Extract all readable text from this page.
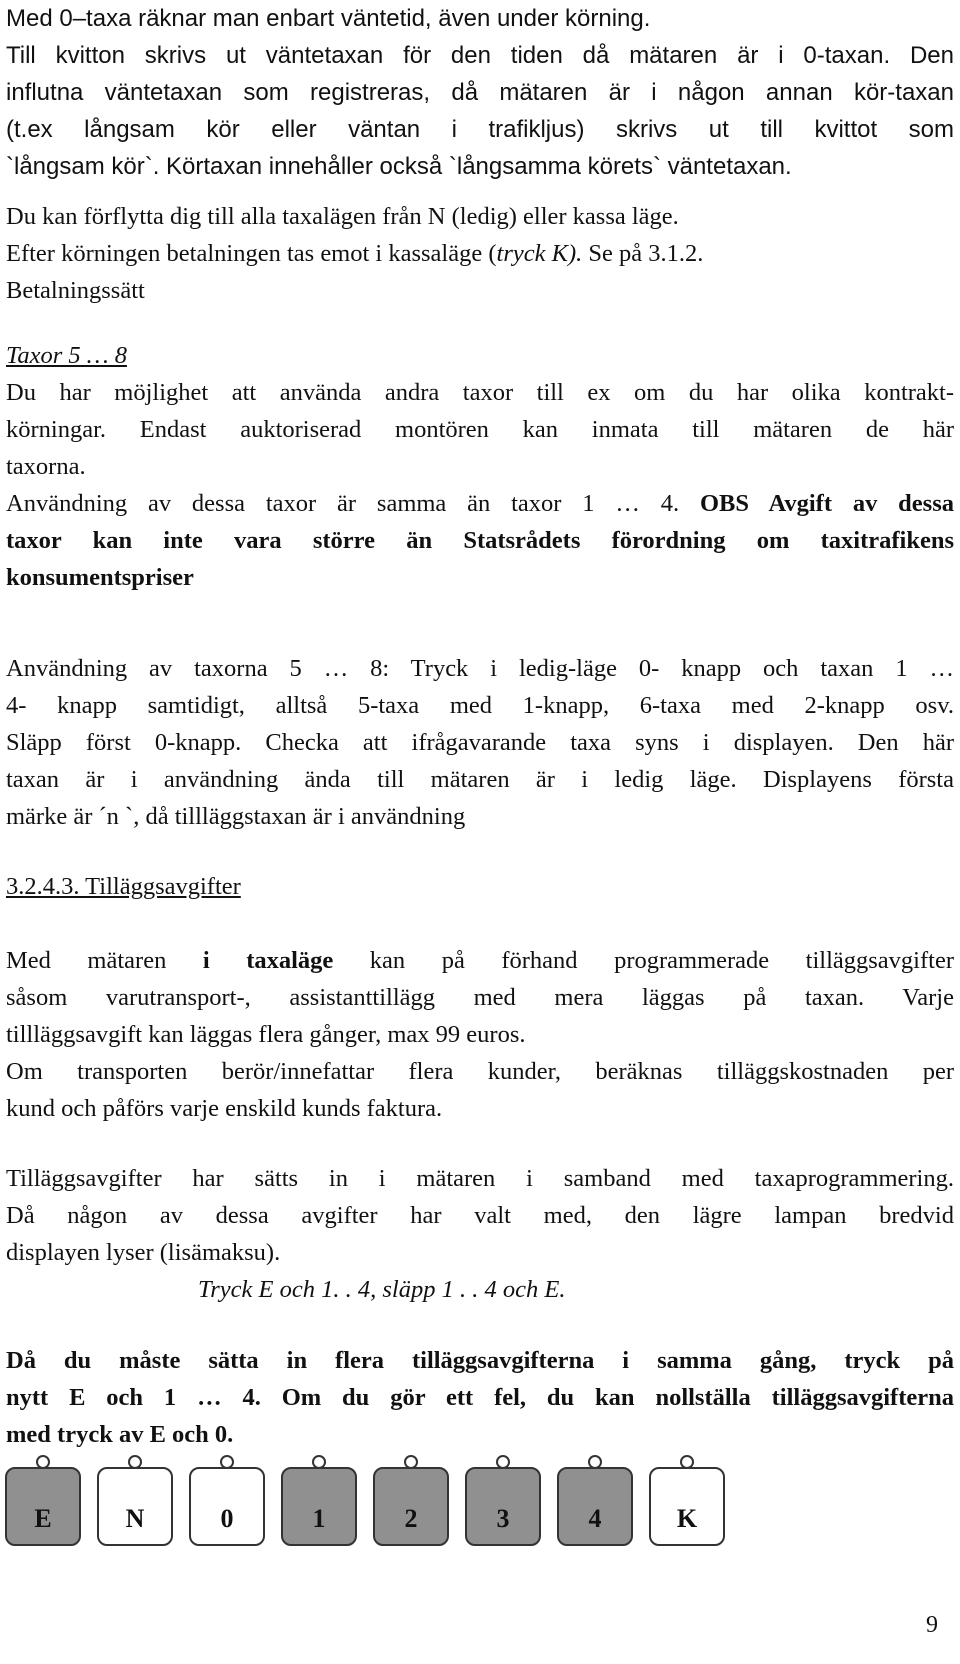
Med 0–taxa räknar man enbart väntetid, även under körning.

Till kvitton skrivs ut väntetaxan för den tiden då mätaren är i 0-taxan. Den

influtna väntetaxan som registreras, då mätaren är i någon annan kör-taxan

(t.ex långsam kör eller väntan i trafikljus) skrivs ut till kvittot som

`långsam kör`. Körtaxan innehåller också `långsamma körets` väntetaxan.

Du kan förflytta dig till alla taxalägen från N (ledig) eller kassa läge.

Efter körningen betalningen tas emot i kassaläge (tryck K). Se på 3.1.2.

Betalningssätt

Taxor 5 … 8

Du har möjlighet att använda andra taxor till ex om du har olika kontrakt-

körningar. Endast auktoriserad montören kan inmata till mätaren de här

taxorna.

Användning av dessa taxor är samma än taxor 1 … 4. OBS Avgift av dessa

taxor kan inte vara större än Statsrådets förordning om taxitrafikens

konsumentspriser

Användning av taxorna 5 … 8: Tryck i ledig-läge 0- knapp och taxan 1 …

4- knapp samtidigt, alltså 5-taxa med 1-knapp, 6-taxa med 2-knapp osv.

Släpp först 0-knapp. Checka att ifrågavarande taxa syns i displayen. Den här

taxan är i användning ända till mätaren är i ledig läge. Displayens första

märke är ´n `, då tillläggstaxan är i användning

3.2.4.3. Tilläggsavgifter

Med mätaren i taxaläge kan på förhand programmerade tilläggsavgifter

såsom varutransport-, assistanttillägg med mera läggas på taxan. Varje

tillläggsavgift kan läggas flera gånger, max 99 euros.

Om transporten berör/innefattar flera kunder, beräknas tilläggskostnaden per

kund och påförs varje enskild kunds faktura.

Tilläggsavgifter har sätts in i mätaren i samband med taxaprogrammering.

Då någon av dessa avgifter har valt med, den lägre lampan bredvid

displayen lyser (lisämaksu).

Tryck E och 1. . 4, släpp 1 . . 4 och E.

Då du måste sätta in flera tilläggsavgifterna i samma gång, tryck på

nytt E och 1 … 4. Om du gör ett fel, du kan nollställa tilläggsavgifterna

med tryck av E och 0.

E	N	0	1	2	3	4	K
9
